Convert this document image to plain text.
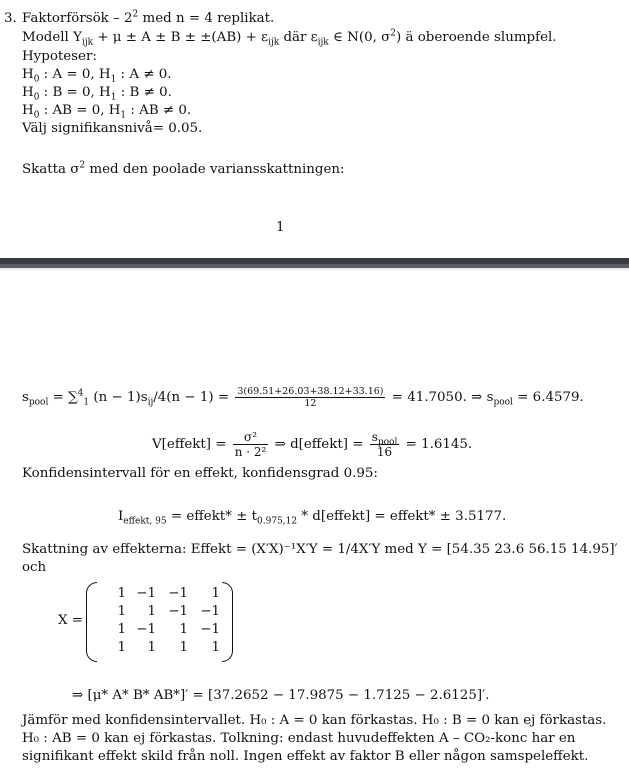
3. Faktorförsök – $2^2$ med n = 4 replikat.
Modell $Y_{ijk} + \mu \pm A \pm B \pm \pm(AB) + \varepsilon_{ijk}$ där $\varepsilon_{ijk}$ ∈ N(0, $\sigma^2$) ä oberoende slumpfel.
Hypoteser:
$H_0$ : A = 0, $H_1$ : A ≠ 0.
$H_0$ : B = 0, $H_1$ : B ≠ 0.
$H_0$ : AB = 0, $H_1$ : AB ≠ 0.
Välj signifikansnivå= 0.05.
Skatta $\sigma^2$ med den poolade variansskattningen:
1
$s_{pool} = \sum^4_1$ $(n - 1)s_{ij}/4(n - 1) = \frac{3(69.51+26.03+38.12+33.16)}{12} = 41.7050$. ⇒ $s_{pool} = 6.4579$.
V[effekt] = $\frac{\text{σ²}}{\text{n · 2²}}$ ⇒ d[effekt] = $\frac{s_{pool}}{16} = 1.6145$.
Konfidensintervall för en effekt, konfidensgrad 0.95:
$I_{effekt, 95}$ = effekt* ± $t_{0.975,12}$ * d[effekt] = effekt* ± 3.5177.
Skattning av effekterna: Effekt = (X′X)⁻¹X′Y = 1/4X′Y med Y = [54.35 23.6 56.15 14.95]′
och
X =
1 −1 −1	1
1	1 −1 −1
1 −1	1 −1
1	1	1	1
⇒ [μ* A* B* AB*]′ = [37.2652 − 17.9875 − 1.7125 − 2.6125]′.
Jämför med konfidensintervallet. H₀ : A = 0 kan förkastas. H₀ : B = 0 kan ej förkastas.
H₀ : AB = 0 kan ej förkastas. Tolkning: endast huvudeffekten A – CO₂-konc har en
signifikant effekt skild från noll. Ingen effekt av faktor B eller någon samspeleffekt.
